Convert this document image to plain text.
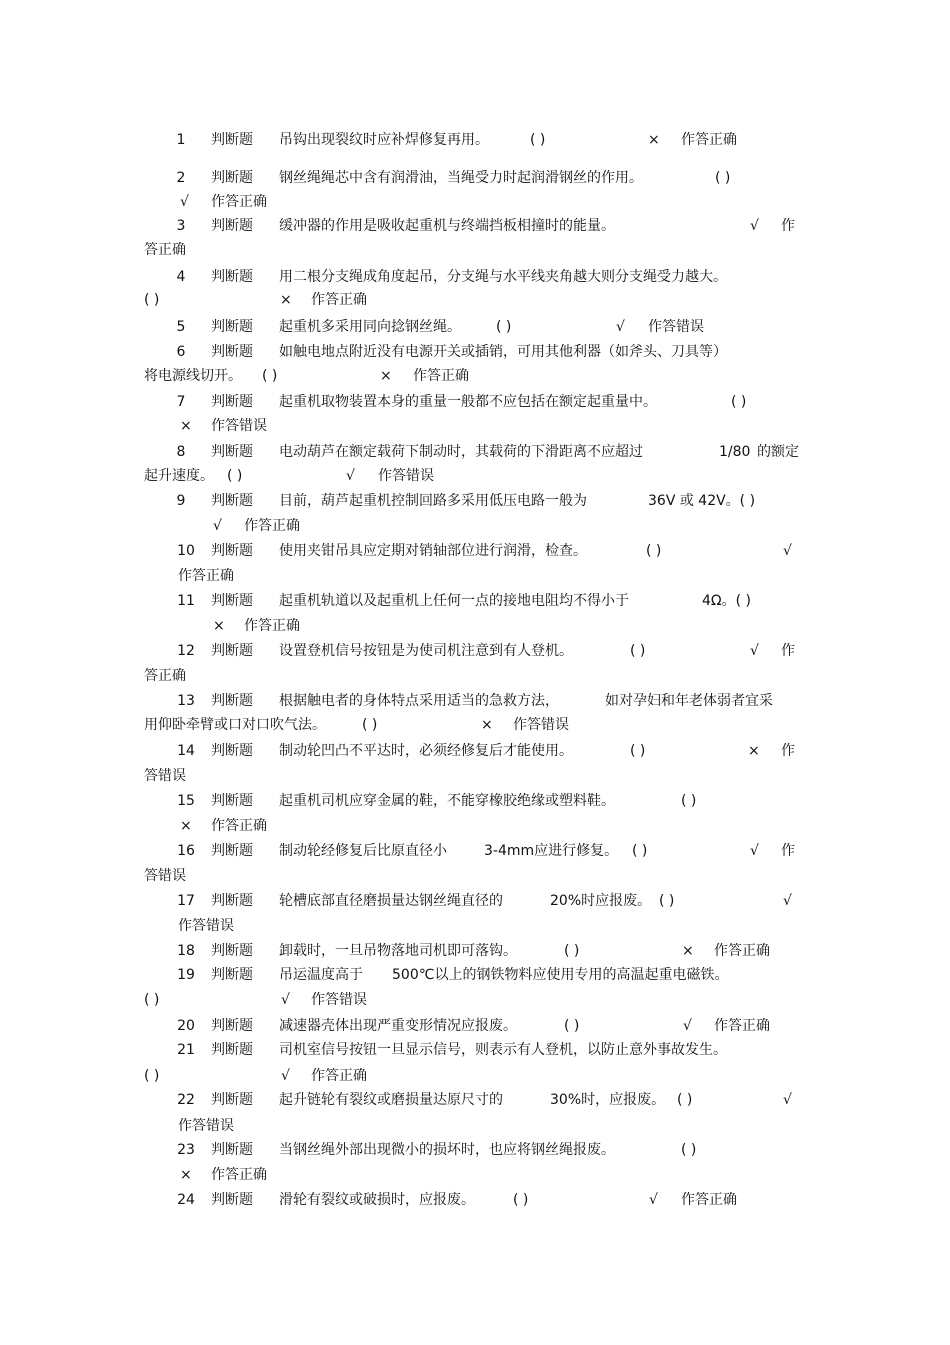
1	判断题 吊钩出现裂纹时应补焊修复再用。	( )	× 作答正确
2	判断题 钢丝绳绳芯中含有润滑油，当绳受力时起润滑钢丝的作用。	( )
√ 作答正确
3	判断题 缓冲器的作用是吸收起重机与终端挡板相撞时的能量。	√ 作
答正确
4	判断题 用二根分支绳成角度起吊，分支绳与水平线夹角越大则分支绳受力越大。
( )	× 作答正确
5	判断题 起重机多采用同向捻钢丝绳。	( )	√ 作答错误
6	判断题 如触电地点附近没有电源开关或插销，可用其他利器（如斧头、刀具等）
将电源线切开。 ( )	× 作答正确
7	判断题 起重机取物装置本身的重量一般都不应包括在额定起重量中。	( )
× 作答错误
8	判断题 电动葫芦在额定载荷下制动时，其载荷的下滑距离不应超过	1/80 的额定
起升速度。 ( )	√ 作答错误
9	判断题 目前，葫芦起重机控制回路多采用低压电路一般为	36V 或 42V。( )
√ 作答正确
10 判断题 使用夹钳吊具应定期对销轴部位进行润滑，检查。	( )	√
作答正确
11 判断题 起重机轨道以及起重机上任何一点的接地电阻均不得小于	4Ω。( )
× 作答正确
12 判断题 设置登机信号按钮是为使司机注意到有人登机。	( )	√ 作
答正确
13 判断题 根据触电者的身体特点采用适当的急救方法，	如对孕妇和年老体弱者宜采
用仰卧牵臂或口对口吹气法。	( )	× 作答错误
14 判断题 制动轮凹凸不平达时，必须经修复后才能使用。	( )	× 作
答错误
15 判断题 起重机司机应穿金属的鞋，不能穿橡胶绝缘或塑料鞋。	( )
× 作答正确
16 判断题 制动轮经修复后比原直径小	3-4mm应进行修复。 ( )	√ 作
答错误
17 判断题 轮槽底部直径磨损量达钢丝绳直径的	20%时应报废。 ( )	√
作答错误
18 判断题 卸载时，一旦吊物落地司机即可落钩。	( )	× 作答正确
19 判断题 吊运温度高于 500℃以上的钢铁物料应使用专用的高温起重电磁铁。
( )	√ 作答错误
20 判断题 减速器壳体出现严重变形情况应报废。	( )	√ 作答正确
21 判断题 司机室信号按钮一旦显示信号，则表示有人登机，以防止意外事故发生。
( )	√ 作答正确
22 判断题 起升链轮有裂纹或磨损量达原尺寸的	30%时，应报废。 ( )	√
作答错误
23 判断题 当钢丝绳外部出现微小的损坏时，也应将钢丝绳报废。	( )
× 作答正确
24 判断题 滑轮有裂纹或破损时，应报废。	( )	√ 作答正确
